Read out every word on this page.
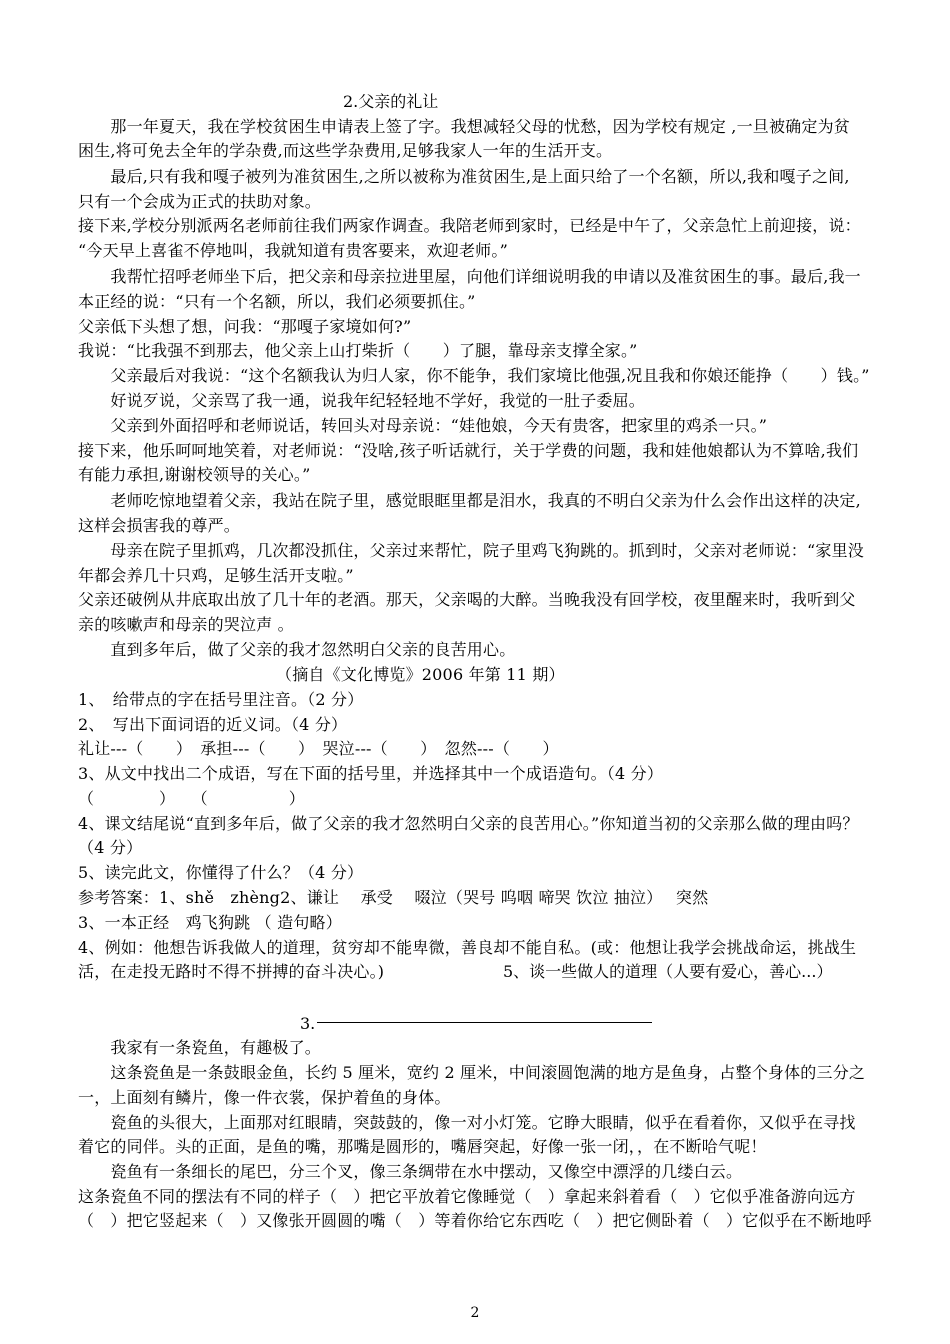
2.父亲的礼让
　　那一年夏天，我在学校贫困生申请表上签了字。我想减轻父母的忧愁，因为学校有规定 ,一旦被确定为贫
困生,将可免去全年的学杂费,而这些学杂费用,足够我家人一年的生活开支。
　　最后,只有我和嘎子被列为准贫困生,之所以被称为准贫困生,是上面只给了一个名额，所以,我和嘎子之间,
只有一个会成为正式的扶助对象。
接下来,学校分别派两名老师前往我们两家作调查。我陪老师到家时，已经是中午了，父亲急忙上前迎接，说：
“今天早上喜雀不停地叫，我就知道有贵客要来，欢迎老师。”
　　我帮忙招呼老师坐下后，把父亲和母亲拉进里屋，向他们详细说明我的申请以及准贫困生的事。最后,我一
本正经的说：“只有一个名额，所以，我们必须要抓住。”
父亲低下头想了想，问我：“那嘎子家境如何?”
我说：“比我强不到那去，他父亲上山打柴折（　　）了腿，靠母亲支撑全家。”
　　父亲最后对我说：“这个名额我认为归人家，你不能争，我们家境比他强,况且我和你娘还能挣（　　）钱。”
　　好说歹说，父亲骂了我一通，说我年纪轻轻地不学好，我觉的一肚子委屈。
　　父亲到外面招呼和老师说话，转回头对母亲说：“娃他娘，今天有贵客，把家里的鸡杀一只。”
接下来，他乐呵呵地笑着，对老师说：“没啥,孩子听话就行，关于学费的问题，我和娃他娘都认为不算啥,我们
有能力承担,谢谢校领导的关心。”
　　老师吃惊地望着父亲，我站在院子里，感觉眼眶里都是泪水，我真的不明白父亲为什么会作出这样的决定,
这样会损害我的尊严。
　　母亲在院子里抓鸡，几次都没抓住，父亲过来帮忙，院子里鸡飞狗跳的。抓到时，父亲对老师说：“家里没
年都会养几十只鸡，足够生活开支啦。”
父亲还破例从井底取出放了几十年的老酒。那天，父亲喝的大醉。当晚我没有回学校，夜里醒来时，我听到父
亲的咳嗽声和母亲的哭泣声 。
　　直到多年后，做了父亲的我才忽然明白父亲的良苦用心。
（摘自《文化博览》2006 年第 11 期）
1、　给带点的字在括号里注音。（2 分）
2、　写出下面词语的近义词。（4 分）
礼让---（　　）　承担---（　　）　哭泣---（　　）　忽然---（　　）
3、从文中找出二个成语，写在下面的括号里，并选择其中一个成语造句。（4 分）
（　　　　）　　（　　　　　）
4、课文结尾说“直到多年后，做了父亲的我才忽然明白父亲的良苦用心。”你知道当初的父亲那么做的理由吗？
（4 分）
5、读完此文，你懂得了什么？（4 分）
参考答案：1、shě　zhèng2、谦让　 承受　 啜泣（哭号 呜咽 啼哭 饮泣 抽泣）　 突然
3、一本正经　鸡飞狗跳 （ 造句略）
4、例如：他想告诉我做人的道理，贫穷却不能卑微，善良却不能自私。(或：他想让我学会挑战命运，挑战生
活，在走投无路时不得不拼搏的奋斗决心。)	5、谈一些做人的道理（人要有爱心，善心...）
3.
　　我家有一条瓷鱼，有趣极了。
　　这条瓷鱼是一条鼓眼金鱼，长约 5 厘米，宽约 2 厘米，中间滚圆饱满的地方是鱼身，占整个身体的三分之
一，上面刻有鳞片，像一件衣裳，保护着鱼的身体。
　　瓷鱼的头很大，上面那对红眼睛，突鼓鼓的，像一对小灯笼。它睁大眼睛，似乎在看着你，又似乎在寻找
着它的同伴。头的正面，是鱼的嘴，那嘴是圆形的，嘴唇突起，好像一张一闭，，在不断哈气呢！
　　瓷鱼有一条细长的尾巴，分三个叉，像三条绸带在水中摆动，又像空中漂浮的几缕白云。
这条瓷鱼不同的摆法有不同的样子（　）把它平放着它像睡觉（　）拿起来斜着看（　）它似乎准备游向远方
（　）把它竖起来（　）又像张开圆圆的嘴（　）等着你给它东西吃（　）把它侧卧着（　）它似乎在不断地呼
2
